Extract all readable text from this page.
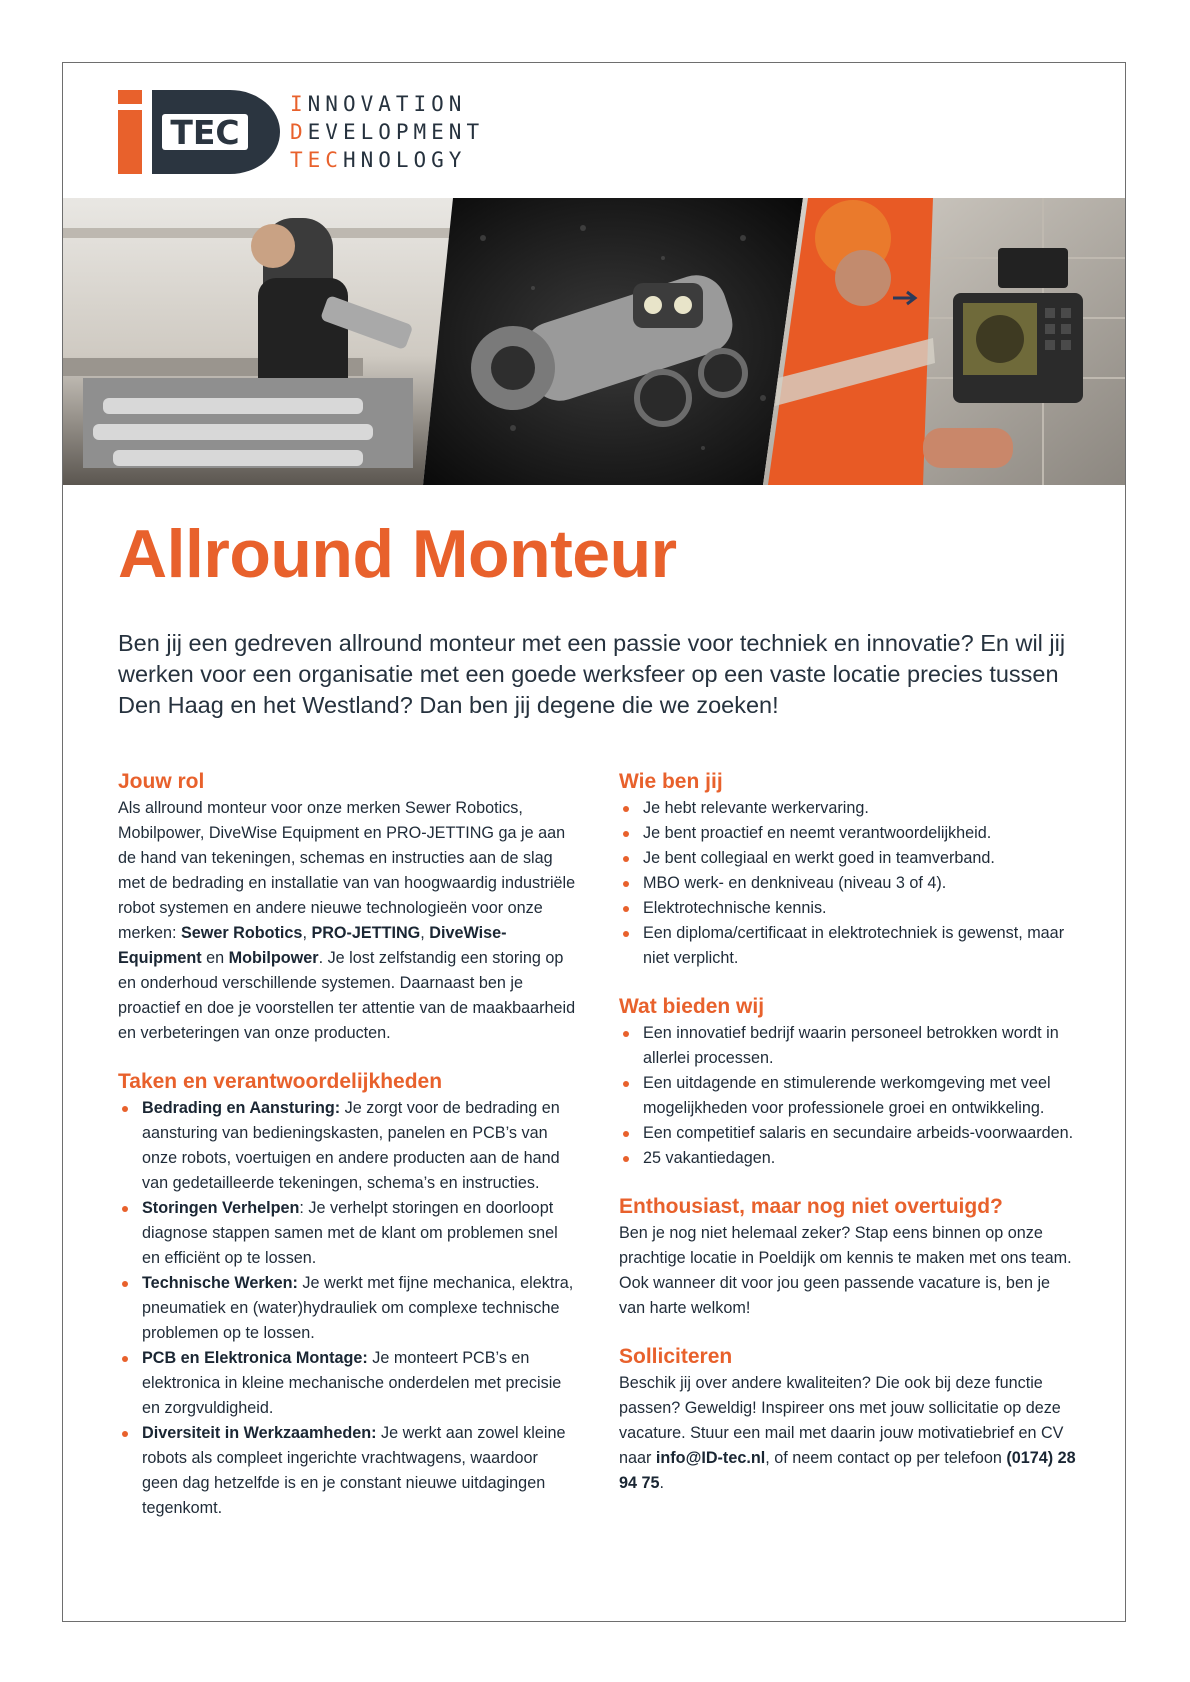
TEC
INNOVATION
DEVELOPMENT
TECHNOLOGY
Allround Monteur

Ben jij een gedreven allround monteur met een passie voor techniek en innovatie? En wil jij werken voor een organisatie met een goede werksfeer op een vaste locatie precies tussen Den Haag en het Westland? Dan ben jij degene die we zoeken!

Jouw rol

Als allround monteur voor onze merken Sewer Robotics, Mobilpower, DiveWise Equipment en PRO-JETTING ga je aan de hand van tekeningen, schemas en instructies aan de slag met de bedrading en installatie van van hoogwaardig industriële robot systemen en andere nieuwe technologieën voor onze merken: Sewer Robotics, PRO-JETTING, DiveWise-Equipment en Mobilpower. Je lost zelfstandig een storing op en onderhoud verschillende systemen. Daarnaast ben je proactief en doe je voorstellen ter attentie van de maakbaarheid en verbeteringen van onze producten.

Taken en verantwoordelijkheden
Bedrading en Aansturing: Je zorgt voor de bedrading en aansturing van bedieningskasten, panelen en PCB’s van onze robots, voertuigen en andere producten aan de hand van gedetailleerde tekeningen, schema’s en instructies.
Storingen Verhelpen: Je verhelpt storingen en doorloopt diagnose stappen samen met de klant om problemen snel en efficiënt op te lossen.
Technische Werken: Je werkt met fijne mechanica, elektra, pneumatiek en (water)hydrauliek om complexe technische problemen op te lossen.
PCB en Elektronica Montage: Je monteert PCB’s en elektronica in kleine mechanische onderdelen met precisie en zorgvuldigheid.
Diversiteit in Werkzaamheden: Je werkt aan zowel kleine robots als compleet ingerichte vrachtwagens, waardoor geen dag hetzelfde is en je constant nieuwe uitdagingen tegenkomt.
Wie ben jij
Je hebt relevante werkervaring.
Je bent proactief en neemt verantwoordelijkheid.
Je bent collegiaal en werkt goed in teamverband.
MBO werk- en denkniveau (niveau 3 of 4).
Elektrotechnische kennis.
Een diploma/certificaat in elektrotechniek is gewenst, maar niet verplicht.
Wat bieden wij
Een innovatief bedrijf waarin personeel betrokken wordt in allerlei processen.
Een uitdagende en stimulerende werkomgeving met veel mogelijkheden voor professionele groei en ontwikkeling.
Een competitief salaris en secundaire arbeids-voorwaarden.
25 vakantiedagen.
Enthousiast, maar nog niet overtuigd?

Ben je nog niet helemaal zeker? Stap eens binnen op onze prachtige locatie in Poeldijk om kennis te maken met ons team. Ook wanneer dit voor jou geen passende vacature is, ben je van harte welkom!

Solliciteren

Beschik jij over andere kwaliteiten? Die ook bij deze functie passen? Geweldig! Inspireer ons met jouw sollicitatie op deze vacature. Stuur een mail met daarin jouw motivatiebrief en CV naar info@ID-tec.nl, of neem contact op per telefoon (0174) 28 94 75.
